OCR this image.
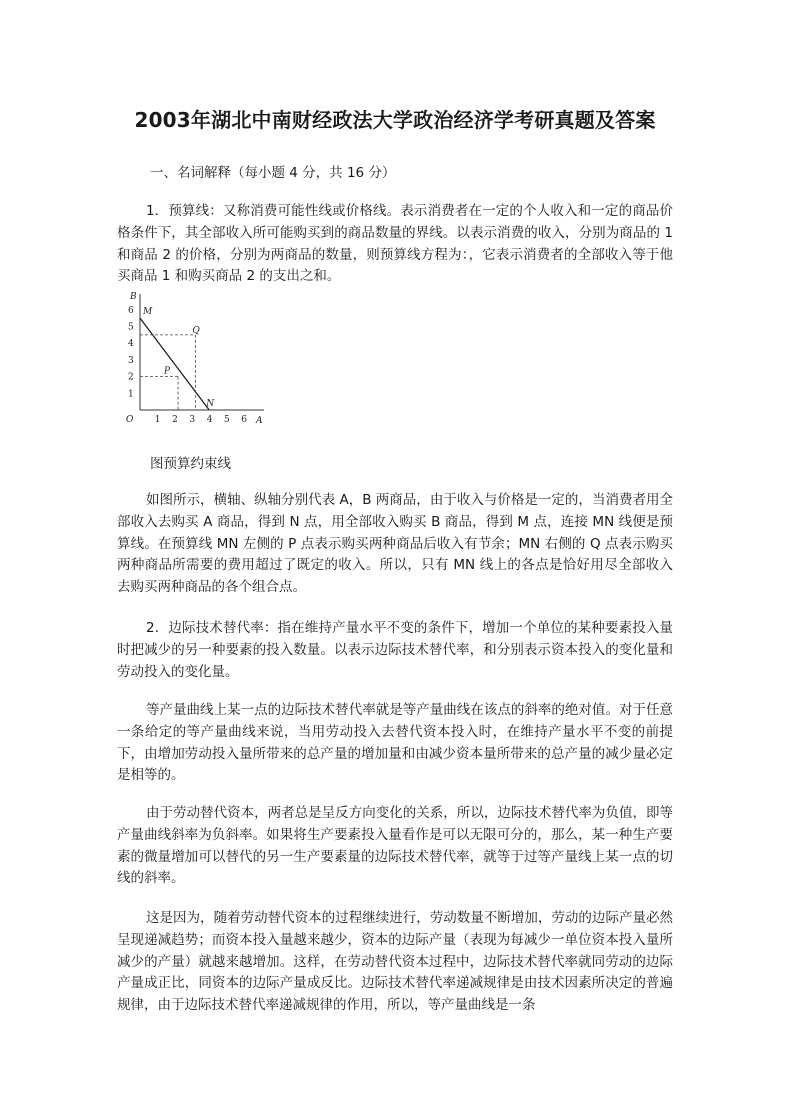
2003年湖北中南财经政法大学政治经济学考研真题及答案
一、名词解释（每小题 4 分，共 16 分）

1．预算线：又称消费可能性线或价格线。表示消费者在一定的个人收入和一定的商品价格条件下，其全部收入所可能购买到的商品数量的界线。以表示消费的收入，分别为商品的 1 和商品 2 的价格，分别为两商品的数量，则预算线方程为：，它表示消费者的全部收入等于他买商品 1 和购买商品 2 的支出之和。

1
2
3
4
5
6
1 2 3 4 5 6
B
A
O
M
N
P
Q
图预算约束线

如图所示，横轴、纵轴分别代表 A，B 两商品，由于收入与价格是一定的，当消费者用全部收入去购买 A 商品，得到 N 点，用全部收入购买 B 商品，得到 M 点，连接 MN 线便是预算线。在预算线 MN 左侧的 P 点表示购买两种商品后收入有节余；MN 右侧的 Q 点表示购买两种商品所需要的费用超过了既定的收入。所以，只有 MN 线上的各点是恰好用尽全部收入去购买两种商品的各个组合点。

2．边际技术替代率：指在维持产量水平不变的条件下，增加一个单位的某种要素投入量时把减少的另一种要素的投入数量。以表示边际技术替代率，和分别表示资本投入的变化量和劳动投入的变化量。

等产量曲线上某一点的边际技术替代率就是等产量曲线在该点的斜率的绝对值。对于任意一条给定的等产量曲线来说，当用劳动投入去替代资本投入时，在维持产量水平不变的前提下，由增加劳动投入量所带来的总产量的增加量和由减少资本量所带来的总产量的减少量必定是相等的。

由于劳动替代资本，两者总是呈反方向变化的关系，所以，边际技术替代率为负值，即等产量曲线斜率为负斜率。如果将生产要素投入量看作是可以无限可分的，那么，某一种生产要素的微量增加可以替代的另一生产要素量的边际技术替代率，就等于过等产量线上某一点的切线的斜率。

这是因为，随着劳动替代资本的过程继续进行，劳动数量不断增加，劳动的边际产量必然呈现递减趋势；而资本投入量越来越少，资本的边际产量（表现为每减少一单位资本投入量所减少的产量）就越来越增加。这样，在劳动替代资本过程中，边际技术替代率就同劳动的边际产量成正比，同资本的边际产量成反比。边际技术替代率递减规律是由技术因素所决定的普遍规律，由于边际技术替代率递减规律的作用，所以，等产量曲线是一条
